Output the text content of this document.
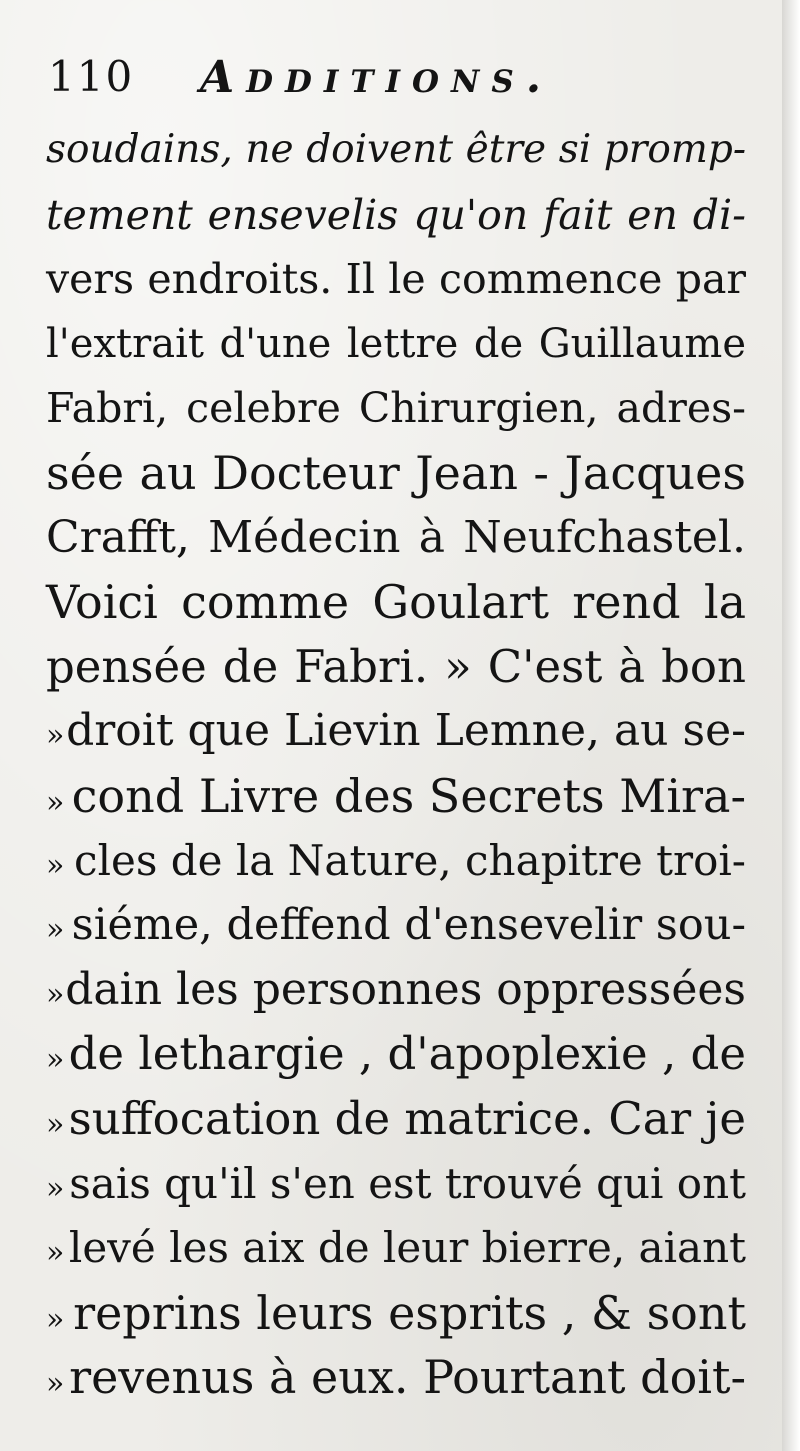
110 Additions.
soudains, ne doivent être si promp-
tement ensevelis qu'on fait en di-
vers endroits. Il le commence par
l'extrait d'une lettre de Guillaume
Fabri, celebre Chirurgien, adres-
sée au Docteur Jean - Jacques
Crafft, Médecin à Neufchastel.
Voici comme Goulart rend la
pensée de Fabri. » C'est à bon
» droit que Lievin Lemne, au se-
» cond Livre des Secrets Mira-
» cles de la Nature, chapitre troi-
» siéme, deffend d'ensevelir sou-
» dain les personnes oppressées
» de lethargie , d'apoplexie , de
» suffocation de matrice. Car je
» sais qu'il s'en est trouvé qui ont
» levé les aix de leur bierre, aiant
» reprins leurs esprits , & sont
» revenus à eux. Pourtant doit-
